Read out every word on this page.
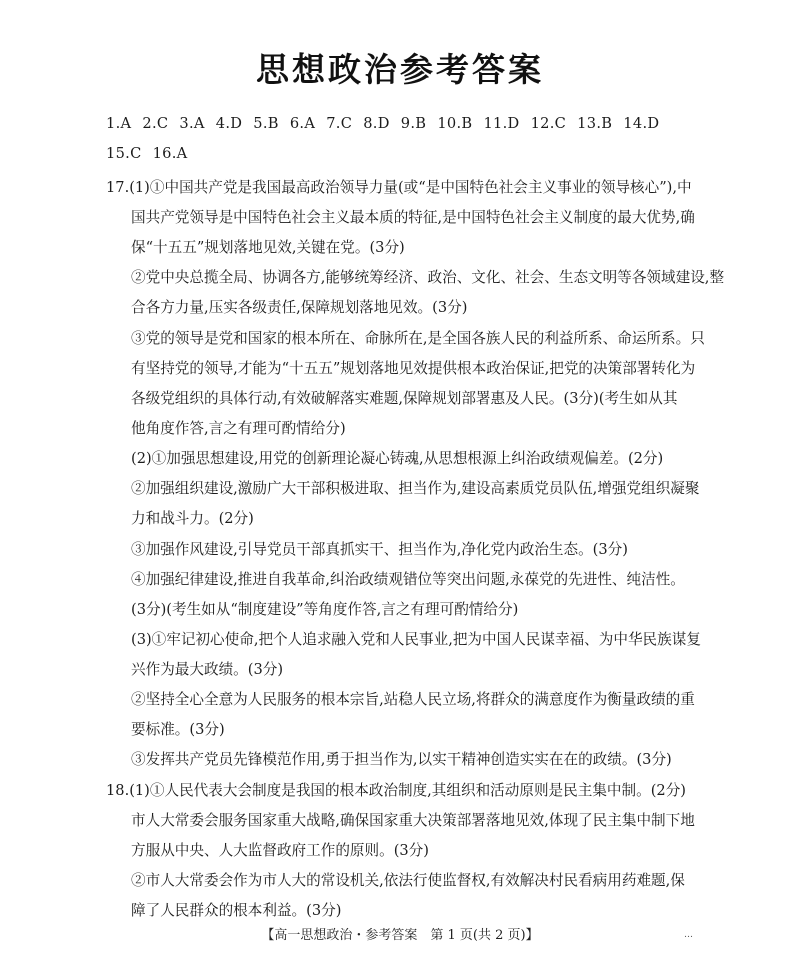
思想政治参考答案
1.A 2.C 3.A 4.D 5.B 6.A 7.C 8.D 9.B 10.B 11.D 12.C 13.B 14.D
15.C 16.A
17.(1)①中国共产党是我国最高政治领导力量(或“是中国特色社会主义事业的领导核心”),中
国共产党领导是中国特色社会主义最本质的特征,是中国特色社会主义制度的最大优势,确
保“十五五”规划落地见效,关键在党。(3分)
②党中央总揽全局、协调各方,能够统筹经济、政治、文化、社会、生态文明等各领域建设,整
合各方力量,压实各级责任,保障规划落地见效。(3分)
③党的领导是党和国家的根本所在、命脉所在,是全国各族人民的利益所系、命运所系。只
有坚持党的领导,才能为“十五五”规划落地见效提供根本政治保证,把党的决策部署转化为
各级党组织的具体行动,有效破解落实难题,保障规划部署惠及人民。(3分)(考生如从其
他角度作答,言之有理可酌情给分)
(2)①加强思想建设,用党的创新理论凝心铸魂,从思想根源上纠治政绩观偏差。(2分)
②加强组织建设,激励广大干部积极进取、担当作为,建设高素质党员队伍,增强党组织凝聚
力和战斗力。(2分)
③加强作风建设,引导党员干部真抓实干、担当作为,净化党内政治生态。(3分)
④加强纪律建设,推进自我革命,纠治政绩观错位等突出问题,永葆党的先进性、纯洁性。
(3分)(考生如从“制度建设”等角度作答,言之有理可酌情给分)
(3)①牢记初心使命,把个人追求融入党和人民事业,把为中国人民谋幸福、为中华民族谋复
兴作为最大政绩。(3分)
②坚持全心全意为人民服务的根本宗旨,站稳人民立场,将群众的满意度作为衡量政绩的重
要标准。(3分)
③发挥共产党员先锋模范作用,勇于担当作为,以实干精神创造实实在在的政绩。(3分)
18.(1)①人民代表大会制度是我国的根本政治制度,其组织和活动原则是民主集中制。(2分)
市人大常委会服务国家重大战略,确保国家重大决策部署落地见效,体现了民主集中制下地
方服从中央、人大监督政府工作的原则。(3分)
②市人大常委会作为市人大的常设机关,依法行使监督权,有效解决村民看病用药难题,保
障了人民群众的根本利益。(3分)
【高一思想政治・参考答案　第 1 页(共 2 页)】	…
